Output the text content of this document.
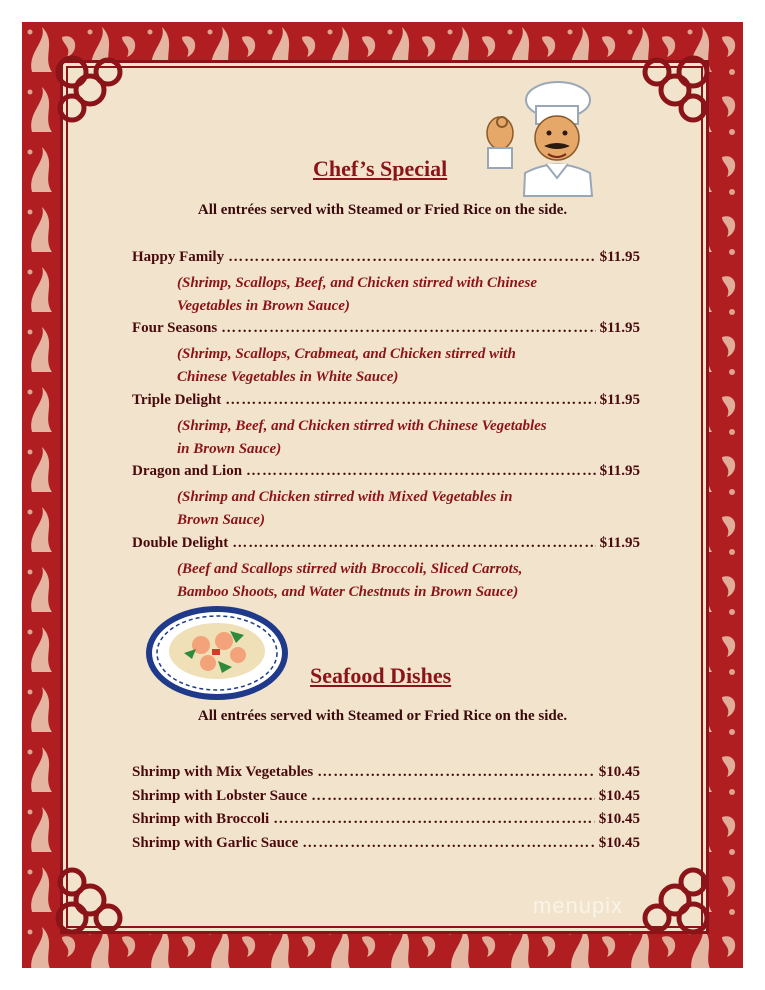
Chef’s Special
All entrées served with Steamed or Fried Rice on the side.
Happy Family ……………………………………………………………………………………………………………………………………	$11.95
(Shrimp, Scallops, Beef, and Chicken stirred with Chinese
Vegetables in Brown Sauce)
Four Seasons ……………………………………………………………………………………………………………………………………	$11.95
(Shrimp, Scallops, Crabmeat, and Chicken stirred with
Chinese Vegetables in White Sauce)
Triple Delight ……………………………………………………………………………………………………………………………………	$11.95
(Shrimp, Beef, and Chicken stirred with Chinese Vegetables
in Brown Sauce)
Dragon and Lion ……………………………………………………………………………………………………………………………………	$11.95
(Shrimp and Chicken stirred with Mixed Vegetables in
Brown Sauce)
Double Delight ……………………………………………………………………………………………………………………………………	$11.95
(Beef and Scallops stirred with Broccoli, Sliced Carrots,
Bamboo Shoots, and Water Chestnuts in Brown Sauce)
Seafood Dishes
All entrées served with Steamed or Fried Rice on the side.
Shrimp with Mix Vegetables ……………………………………………………………………………………………………………………………………	$10.45
Shrimp with Lobster Sauce ……………………………………………………………………………………………………………………………………	$10.45
Shrimp with Broccoli ……………………………………………………………………………………………………………………………………	$10.45
Shrimp with Garlic Sauce ……………………………………………………………………………………………………………………………………	$10.45
menupix
